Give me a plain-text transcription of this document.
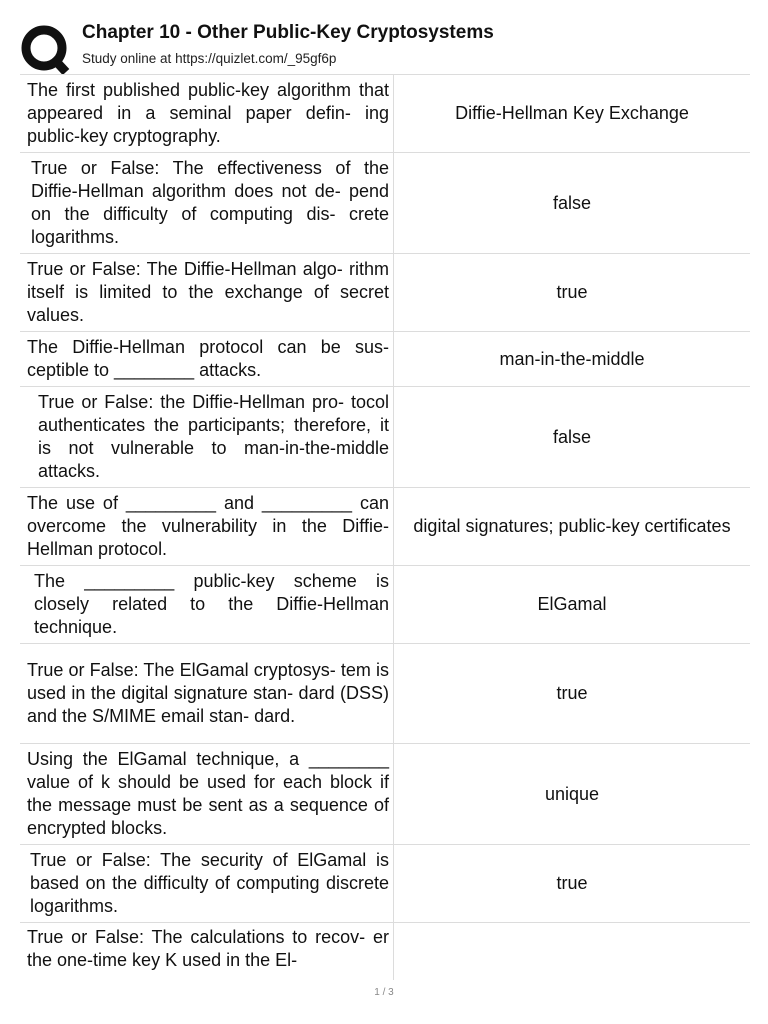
Chapter 10 - Other Public-Key Cryptosystems
Study online at https://quizlet.com/_95gf6p
The first published public-key algorithm that appeared in a seminal paper defin- ing public-key cryptography.	Diffie-Hellman Key Exchange

True or False: The effectiveness of the Diffie-Hellman algorithm does not de- pend on the difficulty of computing dis- crete logarithms.	false

True or False: The Diffie-Hellman algo- rithm itself is limited to the exchange of secret values.	true

The Diffie-Hellman protocol can be sus- ceptible to ________ attacks.	man-in-the-middle

True or False: the Diffie-Hellman pro- tocol authenticates the participants; therefore, it is not vulnerable to man-in-the-middle attacks.	false

The use of _________ and _________ can overcome the vulnerability in the Diffie-Hellman protocol.	digital signatures; public-key certificates

The _________ public-key scheme is closely related to the Diffie-Hellman technique.	ElGamal

True or False: The ElGamal cryptosys- tem is used in the digital signature stan- dard (DSS) and the S/MIME email stan- dard.	true

Using the ElGamal technique, a ________ value of k should be used for each block if the message must be sent as a sequence of encrypted blocks.	unique

True or False: The security of ElGamal is based on the difficulty of computing discrete logarithms.	true

True or False: The calculations to recov- er the one-time key K used in the El-	

1 / 3
